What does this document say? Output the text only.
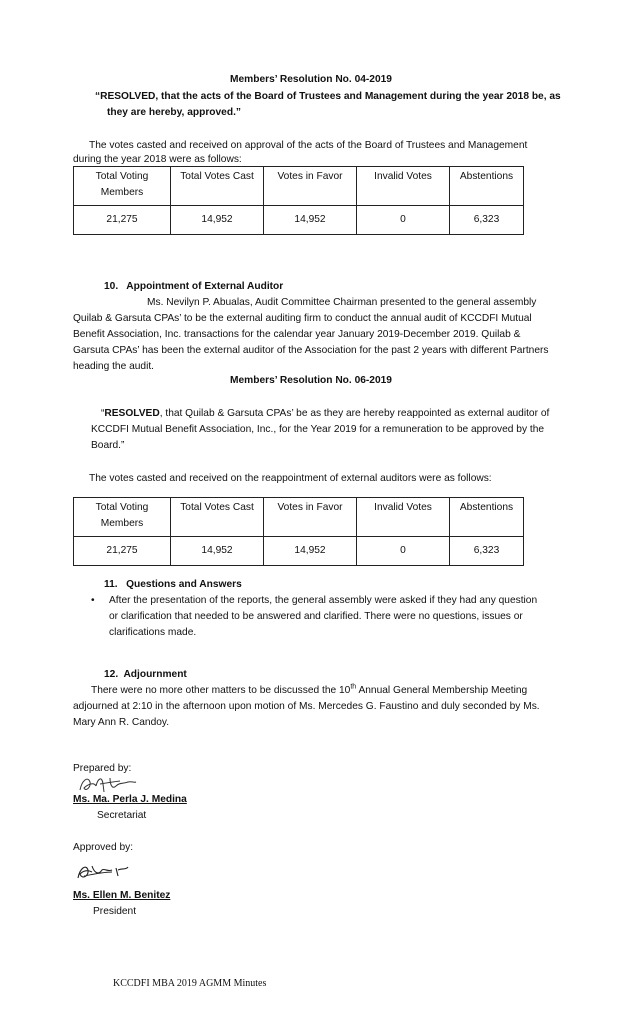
Members’ Resolution No. 04-2019
“RESOLVED, that the acts of the Board of Trustees and Management during the year 2018 be, as
they are hereby, approved.”
The votes casted and received on approval of the acts of the Board of Trustees and Management
during the year 2018 were as follows:
Total Voting Members	Total Votes Cast	Votes in Favor	Invalid Votes	Abstentions
21,275	14,952	14,952	0	6,323
10.   Appointment of External Auditor
Ms. Nevilyn P. Abualas, Audit Committee Chairman presented to the general assembly
Quilab & Garsuta CPAs’ to be the external auditing firm to conduct the annual audit of KCCDFI Mutual
Benefit Association, Inc. transactions for the calendar year January 2019-December 2019. Quilab &
Garsuta CPAs’ has been the external auditor of the Association for the past 2 years with different Partners
heading the audit.
Members’ Resolution No. 06-2019
“RESOLVED, that Quilab & Garsuta CPAs’ be as they are hereby reappointed as external auditor of
KCCDFI Mutual Benefit Association, Inc., for the Year 2019 for a remuneration to be approved by the
Board.”
The votes casted and received on the reappointment of external auditors were as follows:
Total Voting Members	Total Votes Cast	Votes in Favor	Invalid Votes	Abstentions
21,275	14,952	14,952	0	6,323
11.   Questions and Answers
• After the presentation of the reports, the general assembly were asked if they had any question
or clarification that needed to be answered and clarified. There were no questions, issues or
clarifications made.
12.  Adjournment
There were no more other matters to be discussed the 10th Annual General Membership Meeting
adjourned at 2:10 in the afternoon upon motion of Ms. Mercedes G. Faustino and duly seconded by Ms.
Mary Ann R. Candoy.
Prepared by:
Ms. Ma. Perla J. Medina
Secretariat
Approved by:
Ms. Ellen M. Benitez
President
KCCDFI MBA 2019 AGMM Minutes
